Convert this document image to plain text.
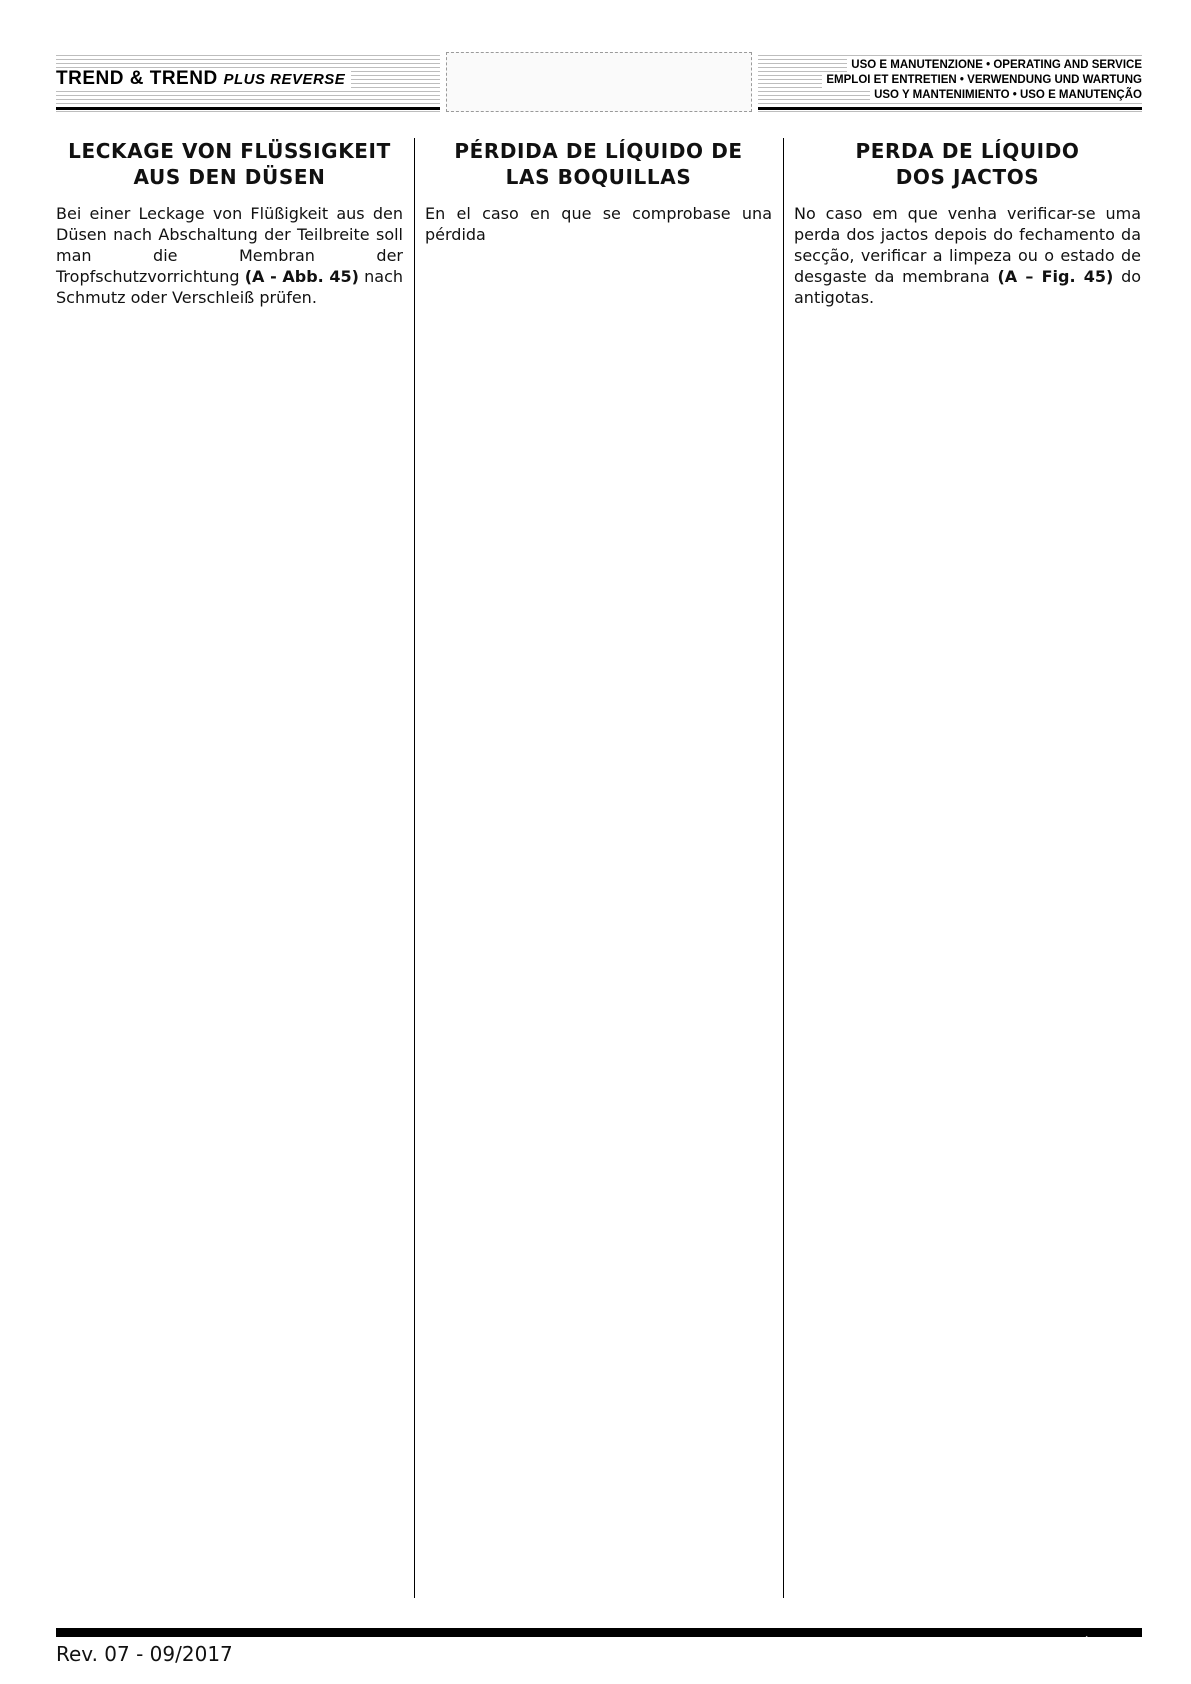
TREND & TREND PLUS REVERSE
USO E MANUTENZIONE • OPERATING AND SERVICE
EMPLOI ET ENTRETIEN • VERWENDUNG UND WARTUNG
USO Y MANTENIMIENTO • USO E MANUTENÇÃO
LECKAGE VON FLÜSSIGKEIT
AUS DEN DÜSEN

Bei einer Leckage von Flüßigkeit aus den Düsen nach Abschaltung der Teilbreite soll man die Membran der Tropfschutzvorrichtung (A - Abb. 45) nach Schmutz oder Verschleiß prüfen.

PÉRDIDA DE LÍQUIDO DE
LAS BOQUILLAS

En el caso en que se comprobase una pérdida

PERDA DE LÍQUIDO
DOS JACTOS

No caso em que venha verificar-se uma perda dos jactos depois do fechamento da secção, verificar a limpeza ou o estado de desgaste da membrana (A – Fig. 45) do antigotas.

Rev. 07 - 09/2017
